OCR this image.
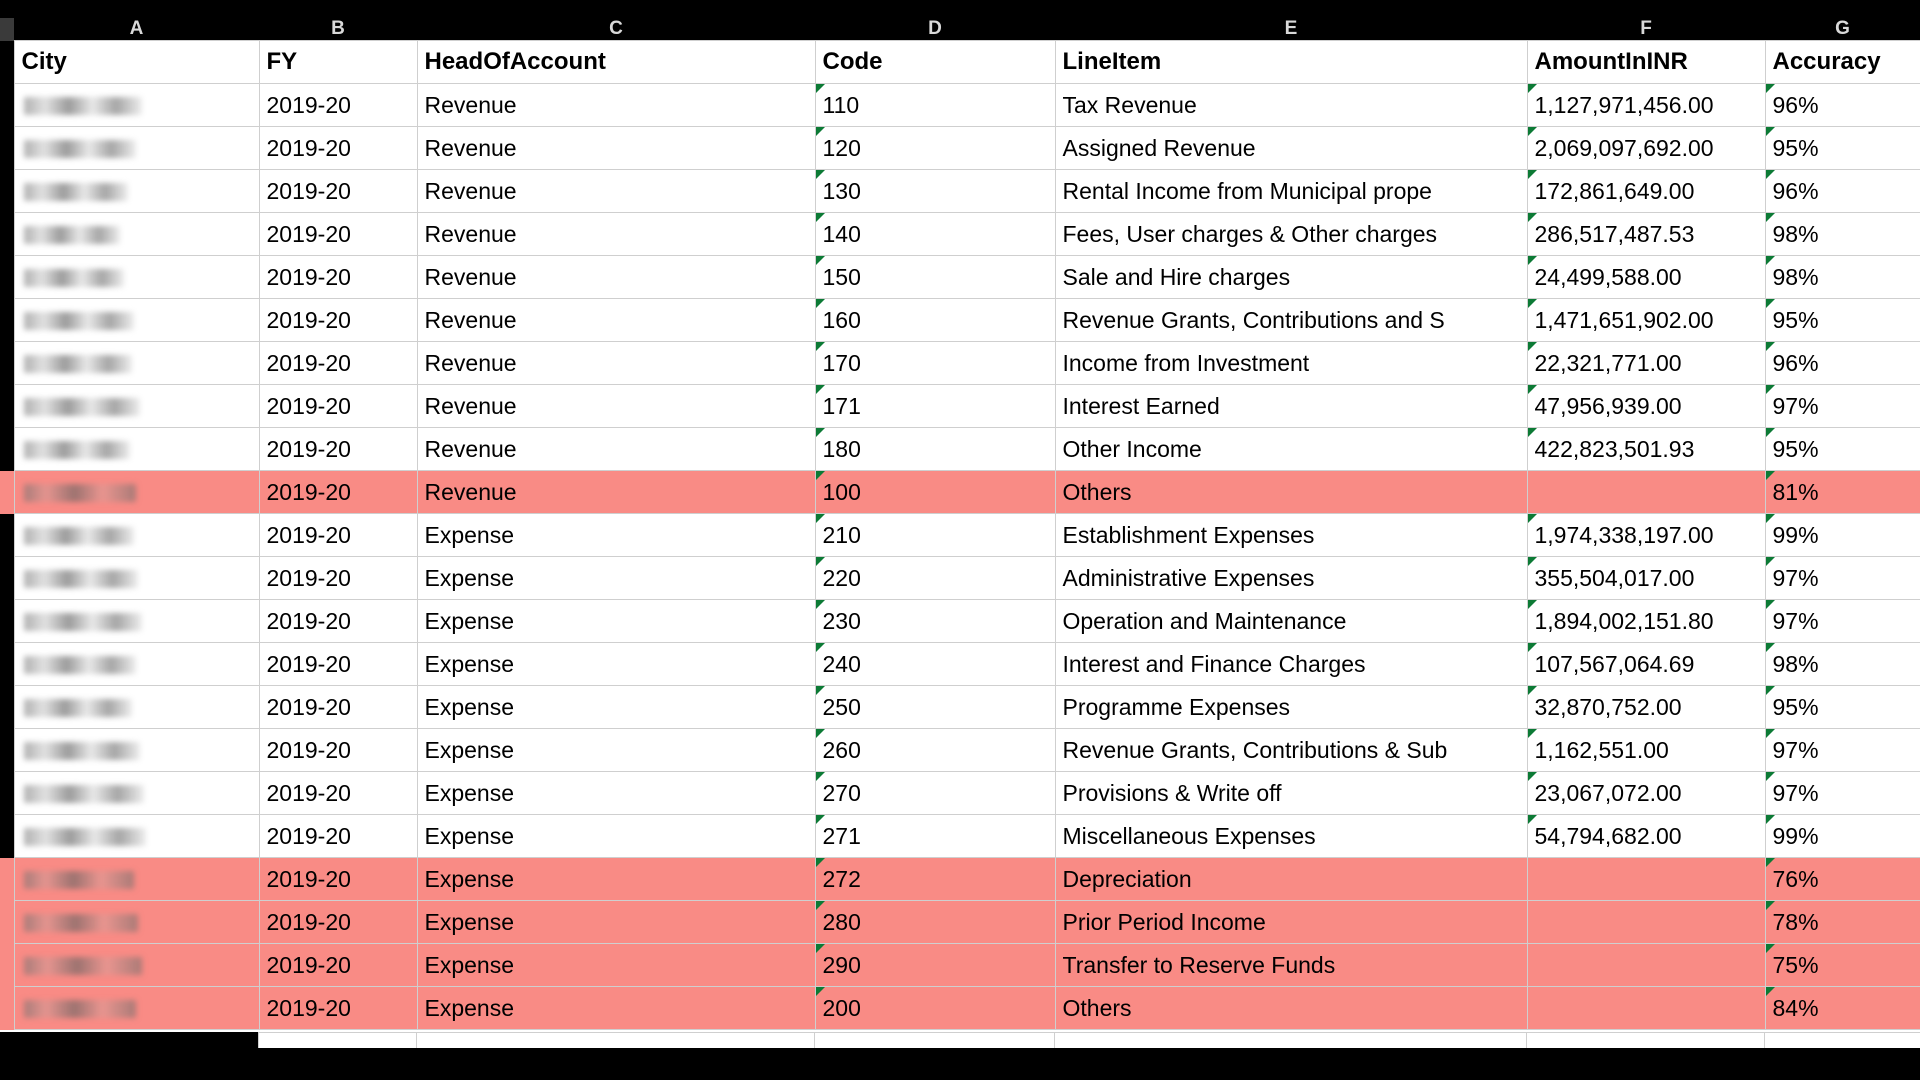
	A	B	C	D	E	F	G
	City	FY	HeadOfAccount	Code	LineItem	AmountInINR	Accuracy
		2019-20	Revenue	110	Tax Revenue	1,127,971,456.00	96%
		2019-20	Revenue	120	Assigned Revenue	2,069,097,692.00	95%
		2019-20	Revenue	130	Rental Income from Municipal prope	172,861,649.00	96%
		2019-20	Revenue	140	Fees, User charges & Other charges	286,517,487.53	98%
		2019-20	Revenue	150	Sale and Hire charges	24,499,588.00	98%
		2019-20	Revenue	160	Revenue Grants, Contributions and S	1,471,651,902.00	95%
		2019-20	Revenue	170	Income from Investment	22,321,771.00	96%
		2019-20	Revenue	171	Interest Earned	47,956,939.00	97%
		2019-20	Revenue	180	Other Income	422,823,501.93	95%
		2019-20	Revenue	100	Others		81%
		2019-20	Expense	210	Establishment Expenses	1,974,338,197.00	99%
		2019-20	Expense	220	Administrative Expenses	355,504,017.00	97%
		2019-20	Expense	230	Operation and Maintenance	1,894,002,151.80	97%
		2019-20	Expense	240	Interest and Finance Charges	107,567,064.69	98%
		2019-20	Expense	250	Programme Expenses	32,870,752.00	95%
		2019-20	Expense	260	Revenue Grants, Contributions & Sub	1,162,551.00	97%
		2019-20	Expense	270	Provisions & Write off	23,067,072.00	97%
		2019-20	Expense	271	Miscellaneous Expenses	54,794,682.00	99%
		2019-20	Expense	272	Depreciation		76%
		2019-20	Expense	280	Prior Period Income		78%
		2019-20	Expense	290	Transfer to Reserve Funds		75%
		2019-20	Expense	200	Others		84%
